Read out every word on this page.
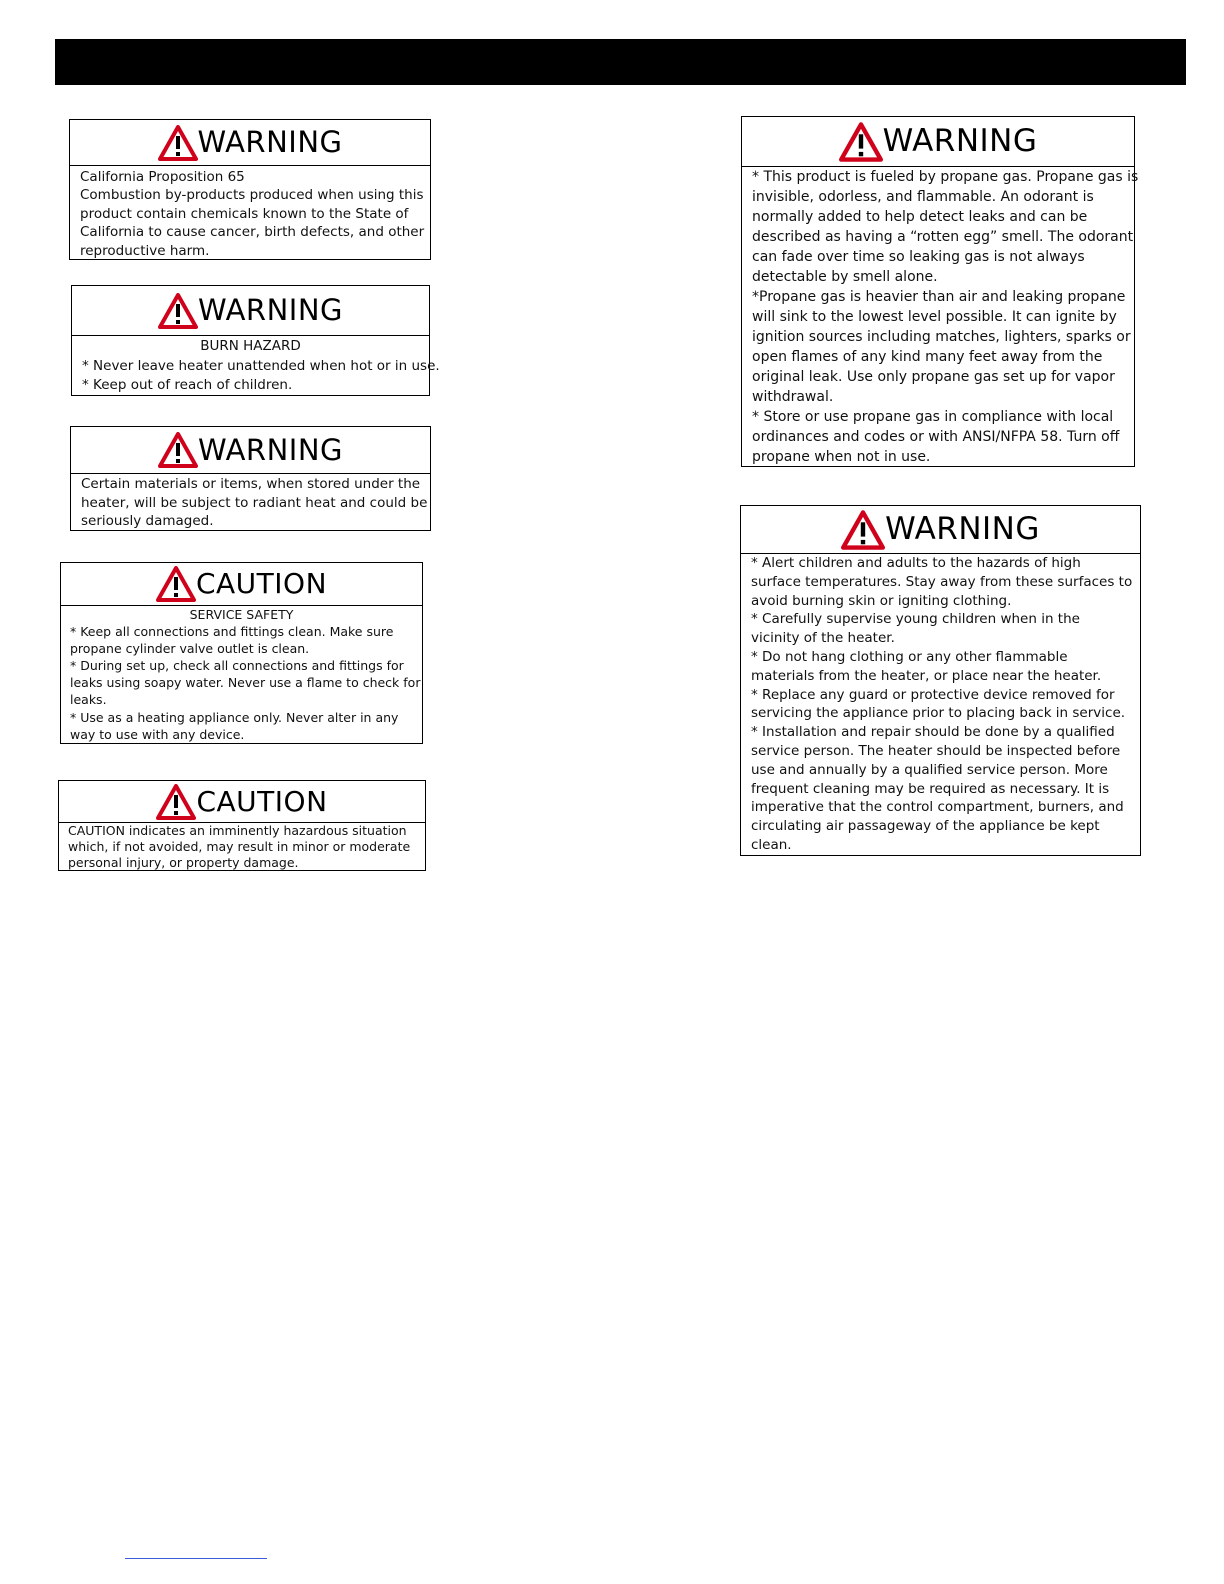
WARNING
California Proposition 65
Combustion by-products produced when using this
product contain chemicals known to the State of
California to cause cancer, birth defects, and other
reproductive harm.
WARNING
BURN HAZARD
* Never leave heater unattended when hot or in use.
* Keep out of reach of children.
WARNING
Certain materials or items, when stored under the
heater, will be subject to radiant heat and could be
seriously damaged.
CAUTION
SERVICE SAFETY
* Keep all connections and fittings clean. Make sure
propane cylinder valve outlet is clean.
* During set up, check all connections and fittings for
leaks using soapy water. Never use a flame to check for
leaks.
* Use as a heating appliance only. Never alter in any
way to use with any device.
CAUTION
CAUTION indicates an imminently hazardous situation
which, if not avoided, may result in minor or moderate
personal injury, or property damage.
WARNING
* This product is fueled by propane gas. Propane gas is
invisible, odorless, and flammable. An odorant is
normally added to help detect leaks and can be
described as having a “rotten egg” smell. The odorant
can fade over time so leaking gas is not always
detectable by smell alone.
*Propane gas is heavier than air and leaking propane
will sink to the lowest level possible. It can ignite by
ignition sources including matches, lighters, sparks or
open flames of any kind many feet away from the
original leak. Use only propane gas set up for vapor
withdrawal.
* Store or use propane gas in compliance with local
ordinances and codes or with ANSI/NFPA 58. Turn off
propane when not in use.
WARNING
* Alert children and adults to the hazards of high
surface temperatures. Stay away from these surfaces to
avoid burning skin or igniting clothing.
* Carefully supervise young children when in the
vicinity of the heater.
* Do not hang clothing or any other flammable
materials from the heater, or place near the heater.
* Replace any guard or protective device removed for
servicing the appliance prior to placing back in service.
* Installation and repair should be done by a qualified
service person. The heater should be inspected before
use and annually by a qualified service person. More
frequent cleaning may be required as necessary. It is
imperative that the control compartment, burners, and
circulating air passageway of the appliance be kept
clean.
